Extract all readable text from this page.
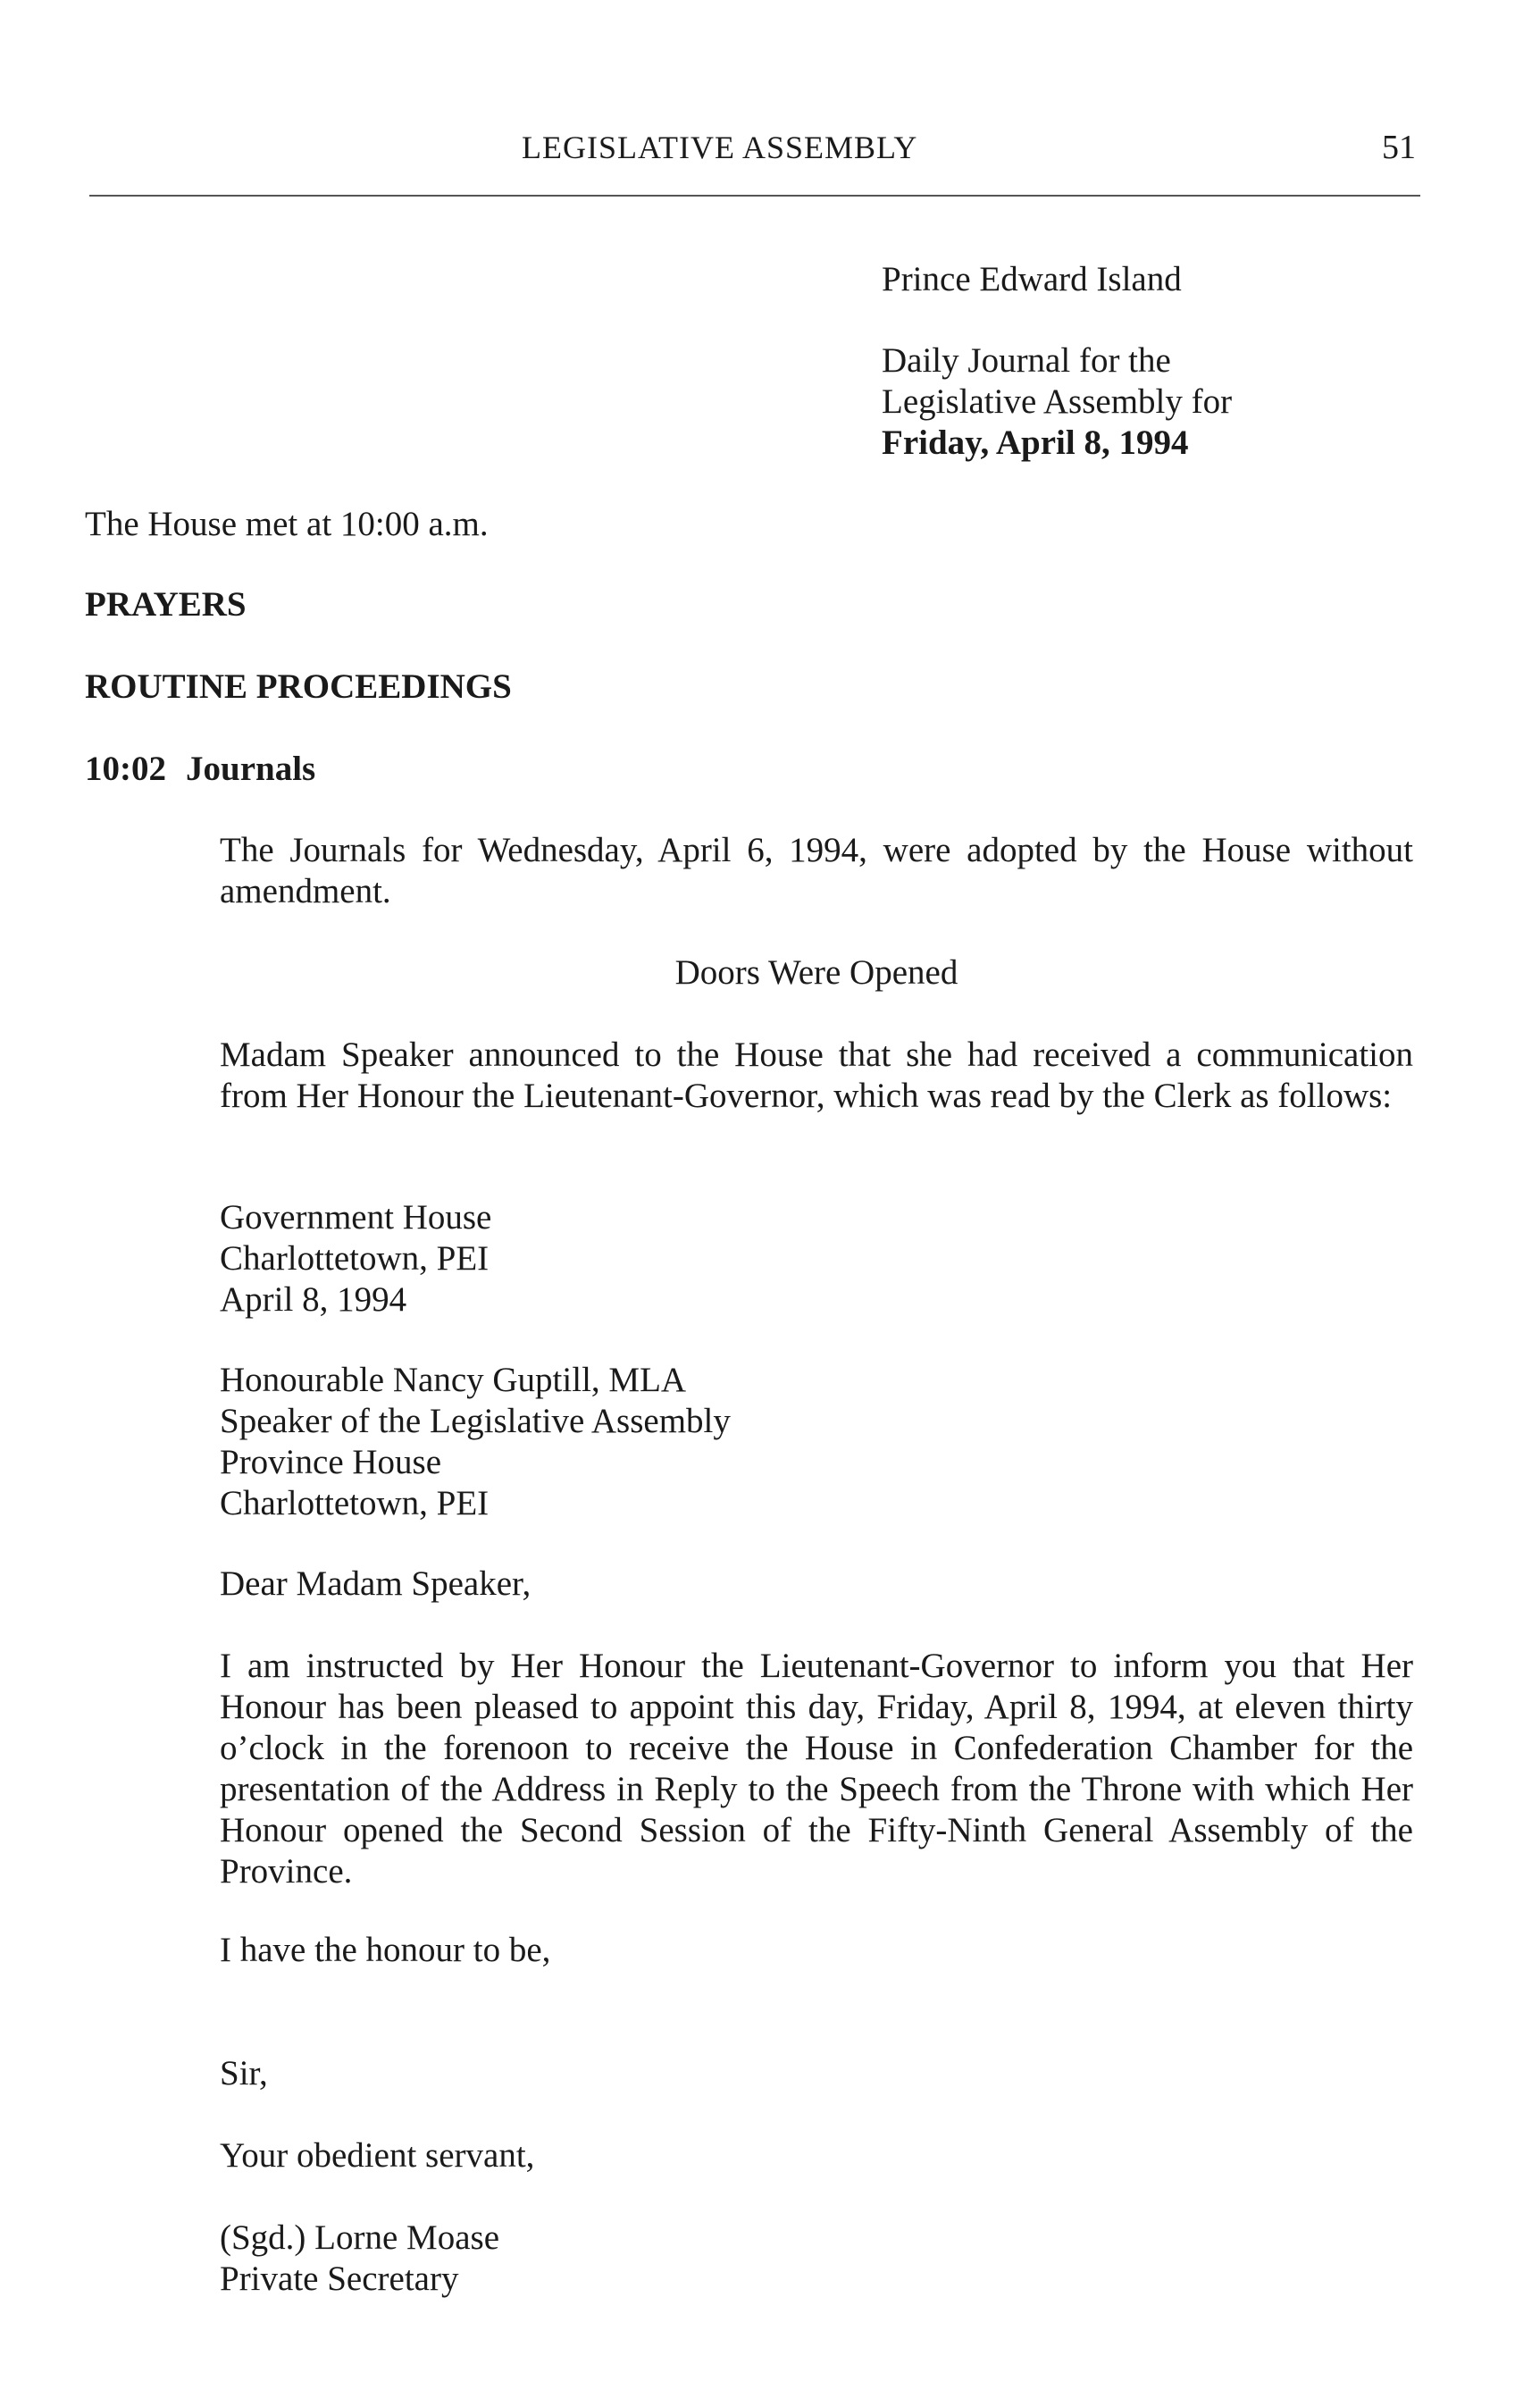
LEGISLATIVE ASSEMBLY	51
Prince Edward Island
Daily Journal for the
Legislative Assembly for
Friday, April 8, 1994
The House met at 10:00 a.m.
PRAYERS
ROUTINE PROCEEDINGS
10:02 Journals

The Journals for Wednesday, April 6, 1994, were adopted by the House without amendment.

Doors Were Opened

Madam Speaker announced to the House that she had received a communication from Her Honour the Lieutenant-Governor, which was read by the Clerk as follows:

Government House
Charlottetown, PEI
April 8, 1994
Honourable Nancy Guptill, MLA
Speaker of the Legislative Assembly
Province House
Charlottetown, PEI
Dear Madam Speaker,

I am instructed by Her Honour the Lieutenant-Governor to inform you that Her Honour has been pleased to appoint this day, Friday, April 8, 1994, at eleven thirty o’clock in the forenoon to receive the House in Confederation Chamber for the presentation of the Address in Reply to the Speech from the Throne with which Her Honour opened the Second Session of the Fifty-Ninth General Assembly of the Province.

I have the honour to be,
Sir,
Your obedient servant,
(Sgd.) Lorne Moase
Private Secretary
